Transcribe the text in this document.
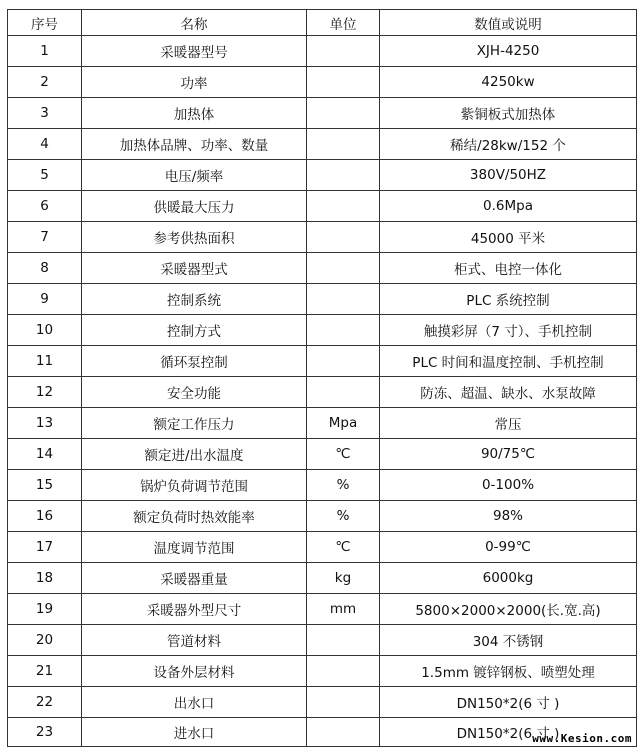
序号	名称	单位	数值或说明
1	采暖器型号		XJH-4250
2	功率		4250kw
3	加热体		紫铜板式加热体
4	加热体品牌、功率、数量		稀结/28kw/152 个
5	电压/频率		380V/50HZ
6	供暖最大压力		0.6Mpa
7	参考供热面积		45000 平米
8	采暖器型式		柜式、电控一体化
9	控制系统		PLC 系统控制
10	控制方式		触摸彩屏（7 寸）、手机控制
11	循环泵控制		PLC 时间和温度控制、手机控制
12	安全功能		防冻、超温、缺水、水泵故障
13	额定工作压力	Mpa	常压
14	额定进/出水温度	℃	90/75℃
15	锅炉负荷调节范围	%	0-100%
16	额定负荷时热效能率	%	98%
17	温度调节范围	℃	0-99℃
18	采暖器重量	kg	6000kg
19	采暖器外型尺寸	mm	5800×2000×2000(长.宽.高)
20	管道材料		304 不锈钢
21	设备外层材料		1.5mm 镀锌钢板、喷塑处理
22	出水口		DN150*2(6 寸 )
23	进水口		DN150*2(6 寸 )
www.Kesion.com
